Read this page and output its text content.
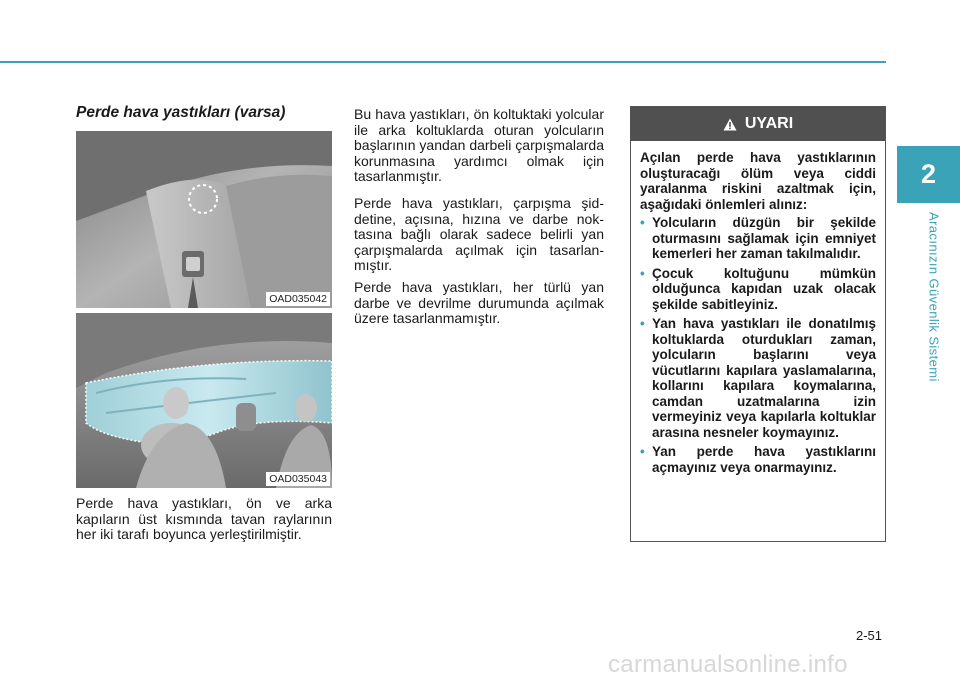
2
Aracınızın Güvenlik Sistemi
Perde hava yastıkları (varsa)
OAD035042
OAD035043
Perde hava yastıkları, ön ve arka kapıların üst kısmında tavan raylarının her iki tarafı boyunca yerleştirilmiştir.
Bu hava yastıkları, ön koltuktaki yolcular ile arka koltuklarda oturan yolcuların başlarının yandan darbeli çarpışmalarda korunmasına yardımcı olmak için tasarlanmıştır.
Perde hava yastıkları, çarpışma şiddetine, açısına, hızına ve darbe noktasına bağlı olarak sadece belirli yan çarpışmalarda açılmak için tasarlanmıştır.
Perde hava yastıkları, her türlü yan darbe ve devrilme durumunda açılmak üzere tasarlanmamıştır.
UYARI
Açılan perde hava yastıklarının oluşturacağı ölüm veya ciddi yaralanma riskini azaltmak için, aşağıdaki önlemleri alınız:
• Yolcuların düzgün bir şekilde oturmasını sağlamak için emniyet kemerleri her zaman takılmalıdır.
• Çocuk koltuğunu mümkün olduğunca kapıdan uzak olacak şekilde sabitleyiniz.
• Yan hava yastıkları ile donatılmış koltuklarda oturdukları zaman, yolcuların başlarını veya vücutlarını kapılara yaslamalarına, kollarını kapılara koymalarına, camdan uzatmalarına izin vermeyiniz veya kapılarla koltuklar arasına nesneler koymayınız.
• Yan perde hava yastıklarını açmayınız veya onarmayınız.
2-51
carmanualsonline.info
